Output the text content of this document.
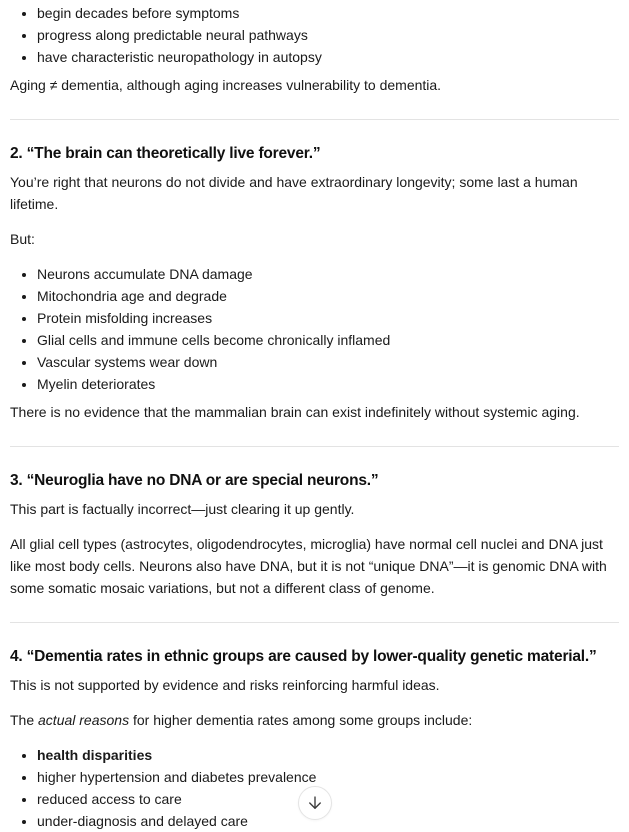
• begin decades before symptoms
• progress along predictable neural pathways
• have characteristic neuropathology in autopsy

Aging ≠ dementia, although aging increases vulnerability to dementia.

2. “The brain can theoretically live forever.”

You’re right that neurons do not divide and have extraordinary longevity; some last a human lifetime.

But:

• Neurons accumulate DNA damage
• Mitochondria age and degrade
• Protein misfolding increases
• Glial cells and immune cells become chronically inflamed
• Vascular systems wear down
• Myelin deteriorates

There is no evidence that the mammalian brain can exist indefinitely without systemic aging.

3. “Neuroglia have no DNA or are special neurons.”

This part is factually incorrect—just clearing it up gently.

All glial cell types (astrocytes, oligodendrocytes, microglia) have normal cell nuclei and DNA just like most body cells. Neurons also have DNA, but it is not “unique DNA”—it is genomic DNA with some somatic mosaic variations, but not a different class of genome.

4. “Dementia rates in ethnic groups are caused by lower-quality genetic material.”

This is not supported by evidence and risks reinforcing harmful ideas.

The actual reasons for higher dementia rates among some groups include:

• health disparities
• higher hypertension and diabetes prevalence
• reduced access to care
• under-diagnosis and delayed care
